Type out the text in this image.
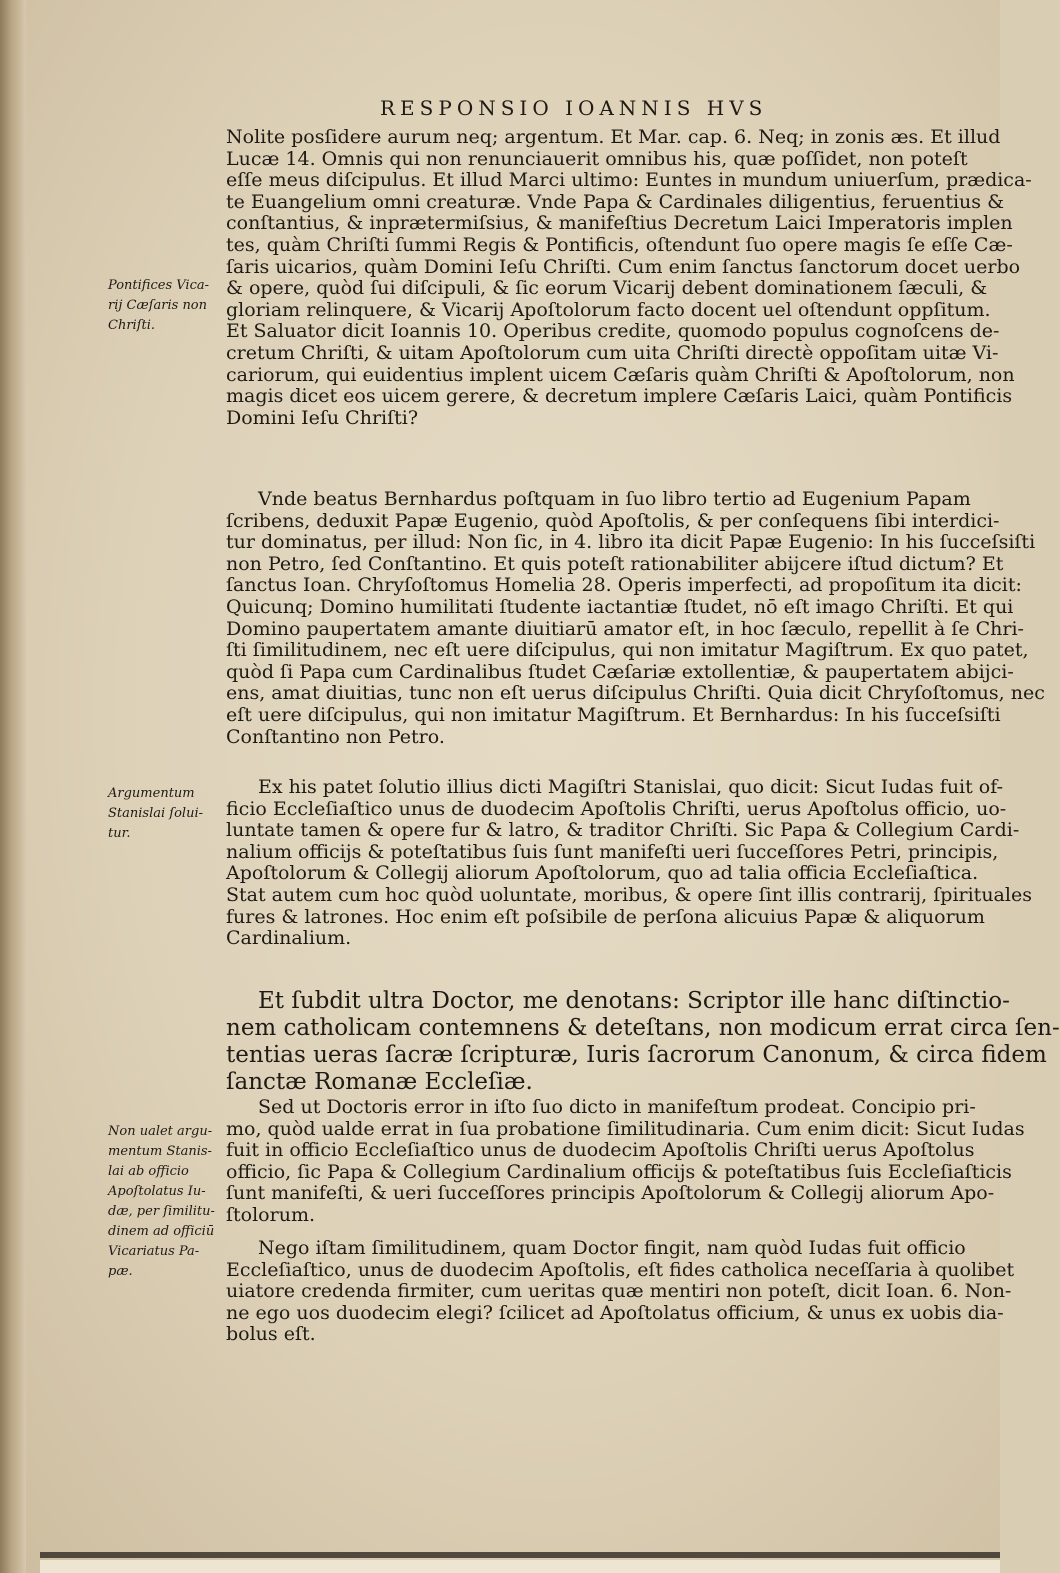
RESPONSIO IOANNIS HVS
Nolite posſidere aurum neq; argentum. Et Mar. cap. 6. Neq; in zonis æs. Et illud
Lucæ 14. Omnis qui non renunciauerit omnibus his, quæ poſſidet, non poteſt
eſſe meus diſcipulus. Et illud Marci ultimo: Euntes in mundum uniuerſum, prædica-
te Euangelium omni creaturæ. Vnde Papa & Cardinales diligentius, feruentius &
conſtantius, & inprætermiſsius, & manifeſtius Decretum Laici Imperatoris implen
tes, quàm Chriſti ſummi Regis & Pontificis, oſtendunt ſuo opere magis ſe eſſe Cæ-
ſaris uicarios, quàm Domini Ieſu Chriſti. Cum enim ſanctus ſanctorum docet uerbo
& opere, quòd ſui diſcipuli, & ſic eorum Vicarij debent dominationem ſæculi, &
gloriam relinquere, & Vicarij Apoſtolorum facto docent uel oſtendunt oppſitum.
Et Saluator dicit Ioannis 10. Operibus credite, quomodo populus cognoſcens de-
cretum Chriſti, & uitam Apoſtolorum cum uita Chriſti directè oppoſitam uitæ Vi-
cariorum, qui euidentius implent uicem Cæſaris quàm Chriſti & Apoſtolorum, non
magis dicet eos uicem gerere, & decretum implere Cæſaris Laici, quàm Pontificis
Domini Ieſu Chriſti?
Vnde beatus Bernhardus poſtquam in ſuo libro tertio ad Eugenium Papam
ſcribens, deduxit Papæ Eugenio, quòd Apoſtolis, & per conſequens ſibi interdici-
tur dominatus, per illud: Non ſic, in 4. libro ita dicit Papæ Eugenio: In his ſucceſsiſti
non Petro, ſed Conſtantino. Et quis poteſt rationabiliter abijcere iſtud dictum? Et
ſanctus Ioan. Chryſoſtomus Homelia 28. Operis imperfecti, ad propoſitum ita dicit:
Quicunq; Domino humilitati ſtudente iactantiæ ſtudet, nō eſt imago Chriſti. Et qui
Domino paupertatem amante diuitiarū amator eſt, in hoc ſæculo, repellit à ſe Chri-
ſti ſimilitudinem, nec eſt uere diſcipulus, qui non imitatur Magiſtrum. Ex quo patet,
quòd ſi Papa cum Cardinalibus ſtudet Cæſariæ extollentiæ, & paupertatem abijci-
ens, amat diuitias, tunc non eſt uerus diſcipulus Chriſti. Quia dicit Chryſoſtomus, nec
eſt uere diſcipulus, qui non imitatur Magiſtrum. Et Bernhardus: In his ſucceſsiſti
Conſtantino non Petro.
Ex his patet ſolutio illius dicti Magiſtri Stanislai, quo dicit: Sicut Iudas fuit of-
ficio Eccleſiaſtico unus de duodecim Apoſtolis Chriſti, uerus Apoſtolus officio, uo-
luntate tamen & opere fur & latro, & traditor Chriſti. Sic Papa & Collegium Cardi-
nalium officijs & poteſtatibus ſuis ſunt manifeſti ueri ſucceſſores Petri, principis,
Apoſtolorum & Collegij aliorum Apoſtolorum, quo ad talia officia Eccleſiaſtica.
Stat autem cum hoc quòd uoluntate, moribus, & opere ſint illis contrarij, ſpirituales
fures & latrones. Hoc enim eſt poſsibile de perſona alicuius Papæ & aliquorum
Cardinalium.
Et ſubdit ultra Doctor, me denotans: Scriptor ille hanc diſtinctio-
nem catholicam contemnens & deteſtans, non modicum errat circa ſen-
tentias ueras ſacræ ſcripturæ, Iuris ſacrorum Canonum, & circa fidem
ſanctæ Romanæ Eccleſiæ.
Sed ut Doctoris error in iſto ſuo dicto in manifeſtum prodeat. Concipio pri-
mo, quòd ualde errat in ſua probatione ſimilitudinaria. Cum enim dicit: Sicut Iudas
fuit in officio Eccleſiaſtico unus de duodecim Apoſtolis Chriſti uerus Apoſtolus
officio, ſic Papa & Collegium Cardinalium officijs & poteſtatibus ſuis Eccleſiaſticis
ſunt manifeſti, & ueri ſucceſſores principis Apoſtolorum & Collegij aliorum Apo-
ſtolorum.
Nego iſtam ſimilitudinem, quam Doctor fingit, nam quòd Iudas fuit officio
Eccleſiaſtico, unus de duodecim Apoſtolis, eſt fides catholica neceſſaria à quolibet
uiatore credenda firmiter, cum ueritas quæ mentiri non poteſt, dicit Ioan. 6. Non-
ne ego uos duodecim elegi? ſcilicet ad Apoſtolatus officium, & unus ex uobis dia-
bolus eſt.
Pontifices Vica-
rij Cæſaris non
Chriſti.
Argumentum
Stanislai ſolui-
tur.
Non ualet argu-
mentum Stanis-
lai ab officio
Apoſtolatus Iu-
dæ, per ſimilitu-
dinem ad officiū
Vicariatus Pa-
pæ.
